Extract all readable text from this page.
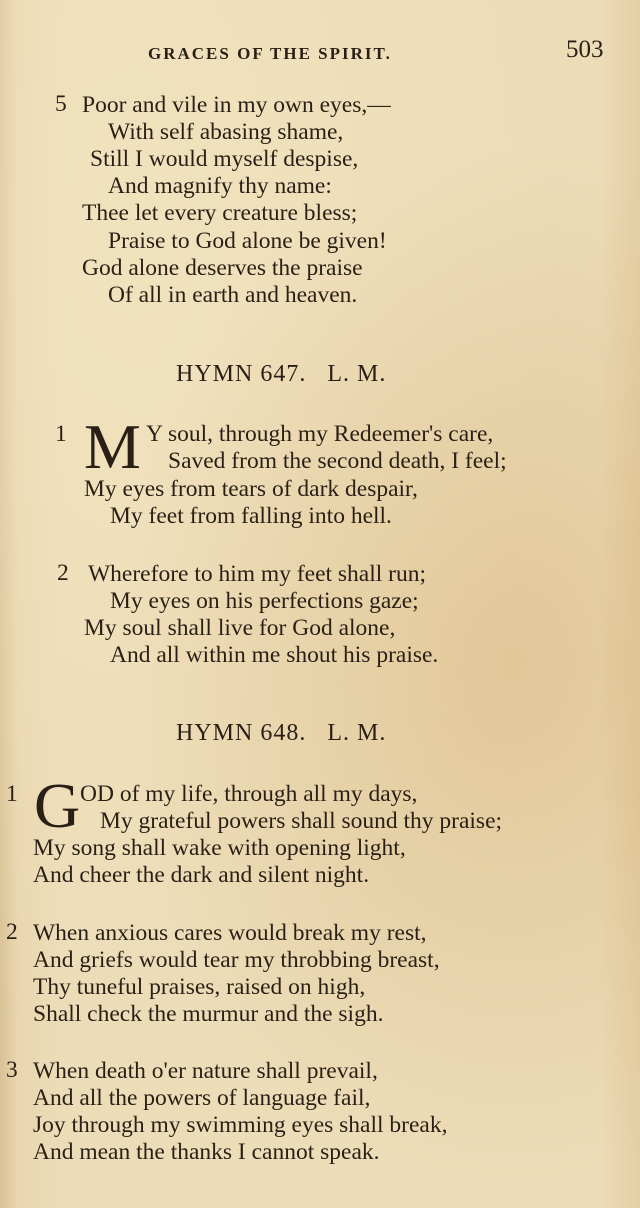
GRACES OF THE SPIRIT.	503
5 Poor and vile in my own eyes,—
With self abasing shame,
Still I would myself despise,
And magnify thy name:
Thee let every creature bless;
Praise to God alone be given!
God alone deserves the praise
Of all in earth and heaven.
HYMN 647. L. M.
1 M Y soul, through my Redeemer's care,
Saved from the second death, I feel;
My eyes from tears of dark despair,
My feet from falling into hell.
2 Wherefore to him my feet shall run;
My eyes on his perfections gaze;
My soul shall live for God alone,
And all within me shout his praise.
HYMN 648. L. M.
1 G OD of my life, through all my days,
My grateful powers shall sound thy praise;
My song shall wake with opening light,
And cheer the dark and silent night.
2 When anxious cares would break my rest,
And griefs would tear my throbbing breast,
Thy tuneful praises, raised on high,
Shall check the murmur and the sigh.
3 When death o'er nature shall prevail,
And all the powers of language fail,
Joy through my swimming eyes shall break,
And mean the thanks I cannot speak.
